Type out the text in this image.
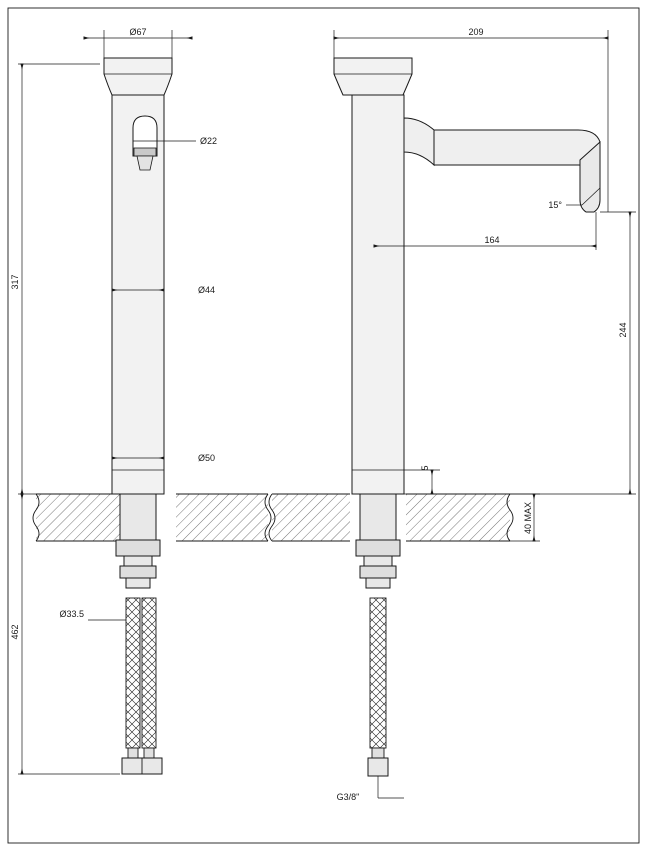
Ø67	209
Ø22
Ø44
Ø50
Ø33.5
164
15°
5
G3/8"
317
462
244
40 MAX
